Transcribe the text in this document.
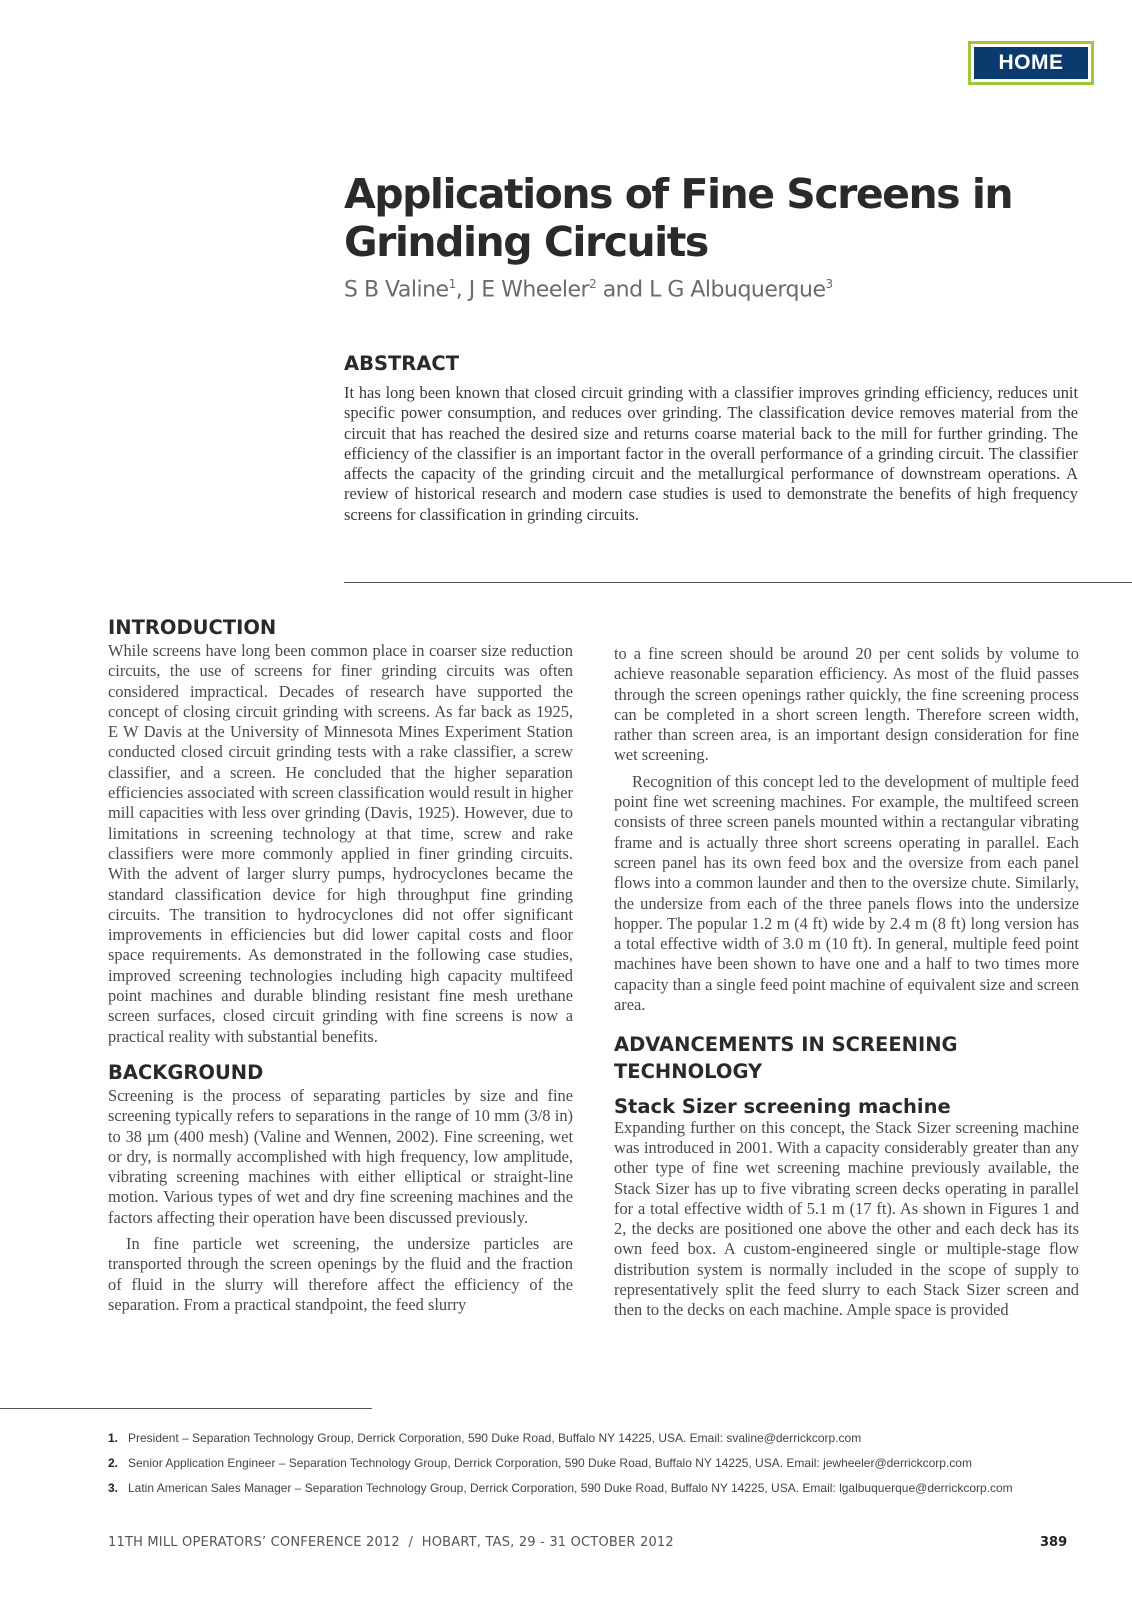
HOME
Applications of Fine Screens in Grinding Circuits
S B Valine$^1$, J E Wheeler$^2$ and L G Albuquerque$^3$
ABSTRACT
It has long been known that closed circuit grinding with a classifier improves grinding efficiency, reduces unit specific power consumption, and reduces over grinding. The classification device removes material from the circuit that has reached the desired size and returns coarse material back to the mill for further grinding. The efficiency of the classifier is an important factor in the overall performance of a grinding circuit. The classifier affects the capacity of the grinding circuit and the metallurgical performance of downstream operations. A review of historical research and modern case studies is used to demonstrate the benefits of high frequency screens for classification in grinding circuits.
INTRODUCTION

While screens have long been common place in coarser size reduction circuits, the use of screens for finer grinding circuits was often considered impractical. Decades of research have supported the concept of closing circuit grinding with screens. As far back as 1925, E W Davis at the University of Minnesota Mines Experiment Station conducted closed circuit grinding tests with a rake classifier, a screw classifier, and a screen. He concluded that the higher separation efficiencies associated with screen classification would result in higher mill capacities with less over grinding (Davis, 1925). However, due to limitations in screening technology at that time, screw and rake classifiers were more commonly applied in finer grinding circuits. With the advent of larger slurry pumps, hydrocyclones became the standard classification device for high throughput fine grinding circuits. The transition to hydrocyclones did not offer significant improvements in efficiencies but did lower capital costs and floor space requirements. As demonstrated in the following case studies, improved screening technologies including high capacity multifeed point machines and durable blinding resistant fine mesh urethane screen surfaces, closed circuit grinding with fine screens is now a practical reality with substantial benefits.

BACKGROUND

Screening is the process of separating particles by size and fine screening typically refers to separations in the range of 10 mm (3/8 in) to 38 µm (400 mesh) (Valine and Wennen, 2002). Fine screening, wet or dry, is normally accomplished with high frequency, low amplitude, vibrating screening machines with either elliptical or straight-line motion. Various types of wet and dry fine screening machines and the factors affecting their operation have been discussed previously.

In fine particle wet screening, the undersize particles are transported through the screen openings by the fluid and the fraction of fluid in the slurry will therefore affect the efficiency of the separation. From a practical standpoint, the feed slurry

to a fine screen should be around 20 per cent solids by volume to achieve reasonable separation efficiency. As most of the fluid passes through the screen openings rather quickly, the fine screening process can be completed in a short screen length. Therefore screen width, rather than screen area, is an important design consideration for fine wet screening.

Recognition of this concept led to the development of multiple feed point fine wet screening machines. For example, the multifeed screen consists of three screen panels mounted within a rectangular vibrating frame and is actually three short screens operating in parallel. Each screen panel has its own feed box and the oversize from each panel flows into a common launder and then to the oversize chute. Similarly, the undersize from each of the three panels flows into the undersize hopper. The popular 1.2 m (4 ft) wide by 2.4 m (8 ft) long version has a total effective width of 3.0 m (10 ft). In general, multiple feed point machines have been shown to have one and a half to two times more capacity than a single feed point machine of equivalent size and screen area.

ADVANCEMENTS IN SCREENING
TECHNOLOGY
Stack Sizer screening machine

Expanding further on this concept, the Stack Sizer screening machine was introduced in 2001. With a capacity considerably greater than any other type of fine wet screening machine previously available, the Stack Sizer has up to five vibrating screen decks operating in parallel for a total effective width of 5.1 m (17 ft). As shown in Figures 1 and 2, the decks are positioned one above the other and each deck has its own feed box. A custom-engineered single or multiple-stage flow distribution system is normally included in the scope of supply to representatively split the feed slurry to each Stack Sizer screen and then to the decks on each machine. Ample space is provided

1. President – Separation Technology Group, Derrick Corporation, 590 Duke Road, Buffalo NY 14225, USA. Email: svaline@derrickcorp.com
2. Senior Application Engineer – Separation Technology Group, Derrick Corporation, 590 Duke Road, Buffalo NY 14225, USA. Email: jewheeler@derrickcorp.com
3. Latin American Sales Manager – Separation Technology Group, Derrick Corporation, 590 Duke Road, Buffalo NY 14225, USA. Email: lgalbuquerque@derrickcorp.com
11TH MILL OPERATORS’ CONFERENCE 2012  /  HOBART, TAS, 29 - 31 OCTOBER 2012	389
